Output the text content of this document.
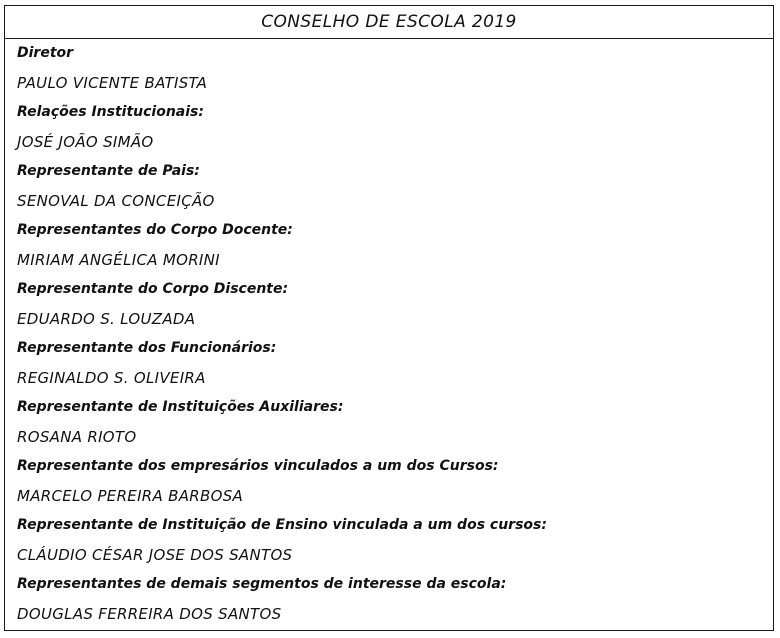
CONSELHO DE ESCOLA 2019
Diretor
PAULO VICENTE BATISTA
Relações Institucionais:
JOSÉ JOÃO SIMÃO
Representante de Pais:
SENOVAL DA CONCEIÇÃO
Representantes do Corpo Docente:
MIRIAM ANGÉLICA MORINI
Representante do Corpo Discente:
EDUARDO S. LOUZADA
Representante dos Funcionários:
REGINALDO S. OLIVEIRA
Representante de Instituições Auxiliares:
ROSANA RIOTO
Representante dos empresários vinculados a um dos Cursos:
MARCELO PEREIRA BARBOSA
Representante de Instituição de Ensino vinculada a um dos cursos:
CLÁUDIO CÉSAR JOSE DOS SANTOS
Representantes de demais segmentos de interesse da escola:
DOUGLAS FERREIRA DOS SANTOS
